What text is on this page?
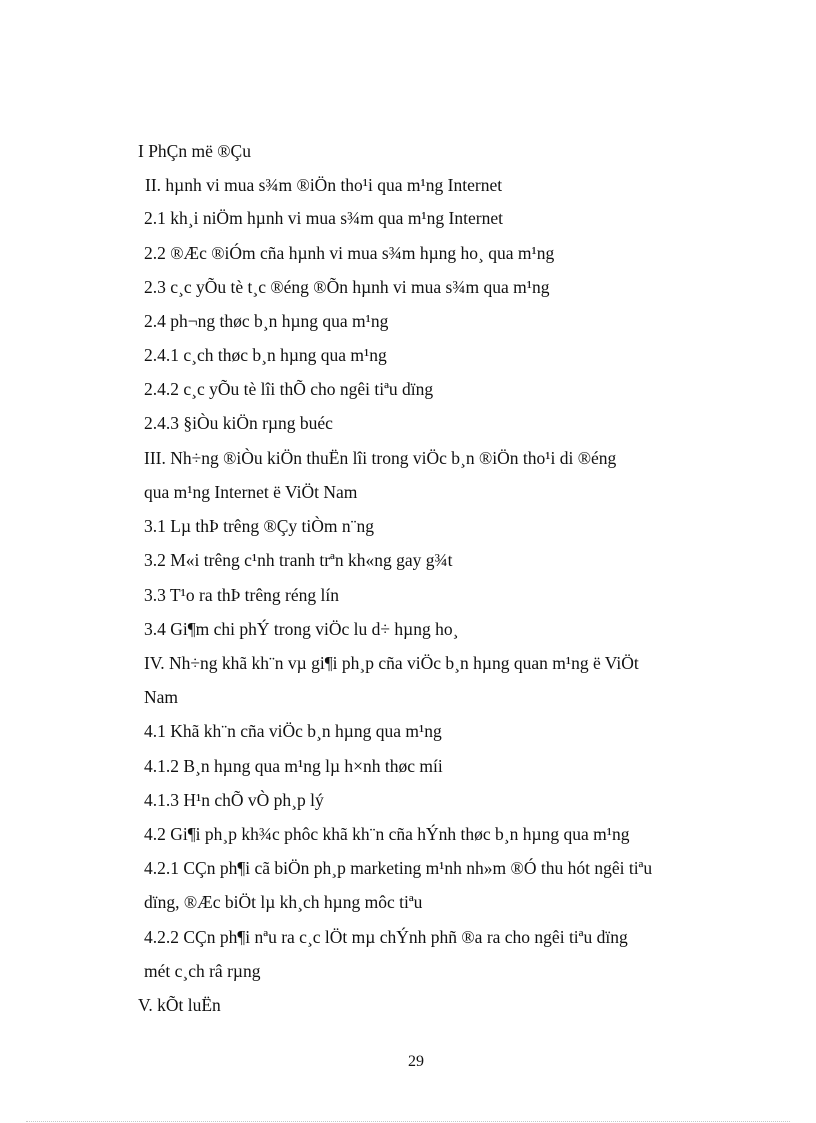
I PhÇn më ®Çu
II. hµnh vi mua s¾m ®iÖn tho¹i qua m¹ng Internet
2.1 kh¸i niÖm hµnh vi mua s¾m qua m¹ng Internet
2.2 ®Æc ®iÓm cña hµnh vi mua s¾m hµng ho¸ qua m¹ng
2.3 c¸c yÕu tè t¸c ®éng ®Õn hµnh vi mua s¾m qua m¹ng
2.4 ph¬ng thøc b¸n hµng qua m¹ng
2.4.1 c¸ch thøc b¸n hµng qua m¹ng
2.4.2 c¸c yÕu tè lîi thÕ cho ngêi tiªu dïng
2.4.3 §iÒu kiÖn rµng buéc
III. Nh÷ng ®iÒu kiÖn thuËn lîi trong viÖc b¸n ®iÖn tho¹i di ®éng
qua m¹ng Internet ë ViÖt Nam
3.1 Lµ thÞ trêng ®Çy tiÒm n¨ng
3.2 M«i trêng c¹nh tranh trªn kh«ng gay g¾t
3.3 T¹o ra thÞ trêng réng lín
3.4 Gi¶m chi phÝ trong viÖc lu d÷ hµng ho¸
IV. Nh÷ng khã kh¨n vµ gi¶i ph¸p cña viÖc b¸n hµng quan m¹ng ë ViÖt
Nam
4.1 Khã kh¨n cña viÖc b¸n hµng qua m¹ng
4.1.2 B¸n hµng qua m¹ng lµ h×nh thøc míi
4.1.3 H¹n chÕ vÒ ph¸p lý
4.2 Gi¶i ph¸p kh¾c phôc khã kh¨n cña hÝnh thøc b¸n hµng qua m¹ng
4.2.1 CÇn ph¶i cã biÖn ph¸p marketing m¹nh nh»m ®Ó thu hót ngêi tiªu
dïng, ®Æc biÖt lµ kh¸ch hµng môc tiªu
4.2.2 CÇn ph¶i nªu ra c¸c lÖt mµ chÝnh phñ ®a ra cho ngêi tiªu dïng
mét c¸ch râ rµng
V. kÕt luËn
29
